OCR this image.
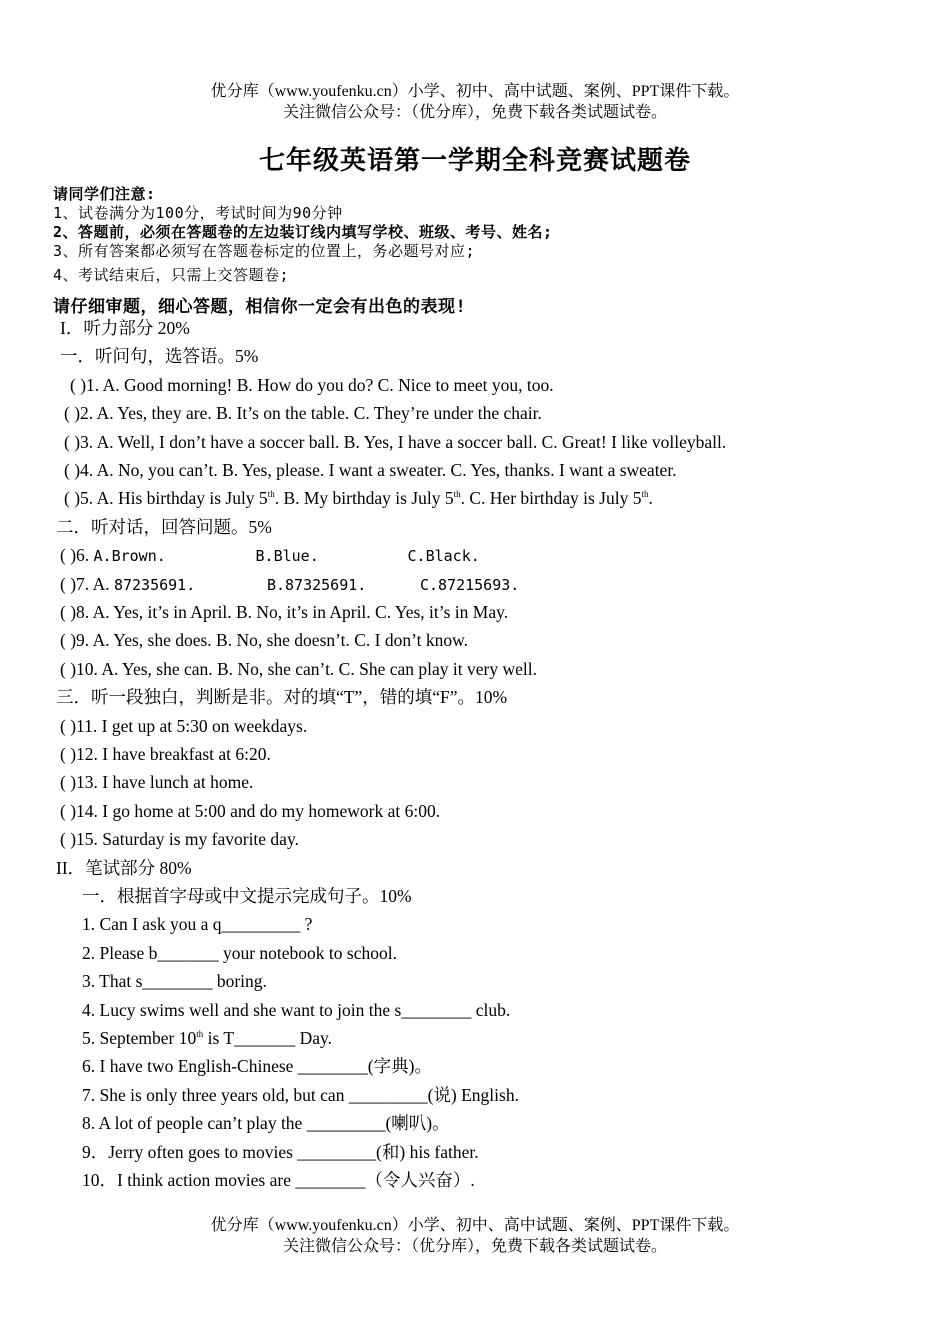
优分库（www.youfenku.cn）小学、初中、高中试题、案例、PPT课件下载。
关注微信公众号：（优分库），免费下载各类试题试卷。
七年级英语第一学期全科竞赛试题卷
请同学们注意:
1、试卷满分为100分，考试时间为90分钟
2、答题前，必须在答题卷的左边装订线内填写学校、班级、考号、姓名;
3、所有答案都必须写在答题卷标定的位置上，务必题号对应;
4、考试结束后，只需上交答题卷;
请仔细审题，细心答题，相信你一定会有出色的表现!
I．听力部分 20%
一．听问句，选答语。5%
( )1. A. Good morning! B. How do you do? C. Nice to meet you, too.
( )2. A. Yes, they are. B. It’s on the table. C. They’re under the chair.
( )3. A. Well, I don’t have a soccer ball. B. Yes, I have a soccer ball. C. Great! I like volleyball.
( )4. A. No, you can’t. B. Yes, please. I want a sweater. C. Yes, thanks. I want a sweater.
( )5. A. His birthday is July 5th. B. My birthday is July 5th. C. Her birthday is July 5th.
二．听对话，回答问题。5%
( )6. A.Brown.	B.Blue.	C.Black.
( )7. A. 87235691.	B.87325691.	C.87215693.
( )8. A. Yes, it’s in April. B. No, it’s in April. C. Yes, it’s in May.
( )9. A. Yes, she does. B. No, she doesn’t. C. I don’t know.
( )10. A. Yes, she can. B. No, she can’t. C. She can play it very well.
三．听一段独白，判断是非。对的填“T”，错的填“F”。10%
( )11. I get up at 5:30 on weekdays.
( )12. I have breakfast at 6:20.
( )13. I have lunch at home.
( )14. I go home at 5:00 and do my homework at 6:00.
( )15. Saturday is my favorite day.
II．笔试部分 80%
一．根据首字母或中文提示完成句子。10%
1. Can I ask you a q_________ ?
2. Please b_______ your notebook to school.
3. That s________ boring.
4. Lucy swims well and she want to join the s________ club.
5. September 10th is T_______ Day.
6. I have two English-Chinese ________(字典)。
7. She is only three years old, but can _________(说) English.
8. A lot of people can’t play the _________(喇叭)。
9．Jerry often goes to movies _________(和) his father.
10．I think action movies are ________（令人兴奋）.
优分库（www.youfenku.cn）小学、初中、高中试题、案例、PPT课件下载。
关注微信公众号：（优分库），免费下载各类试题试卷。
